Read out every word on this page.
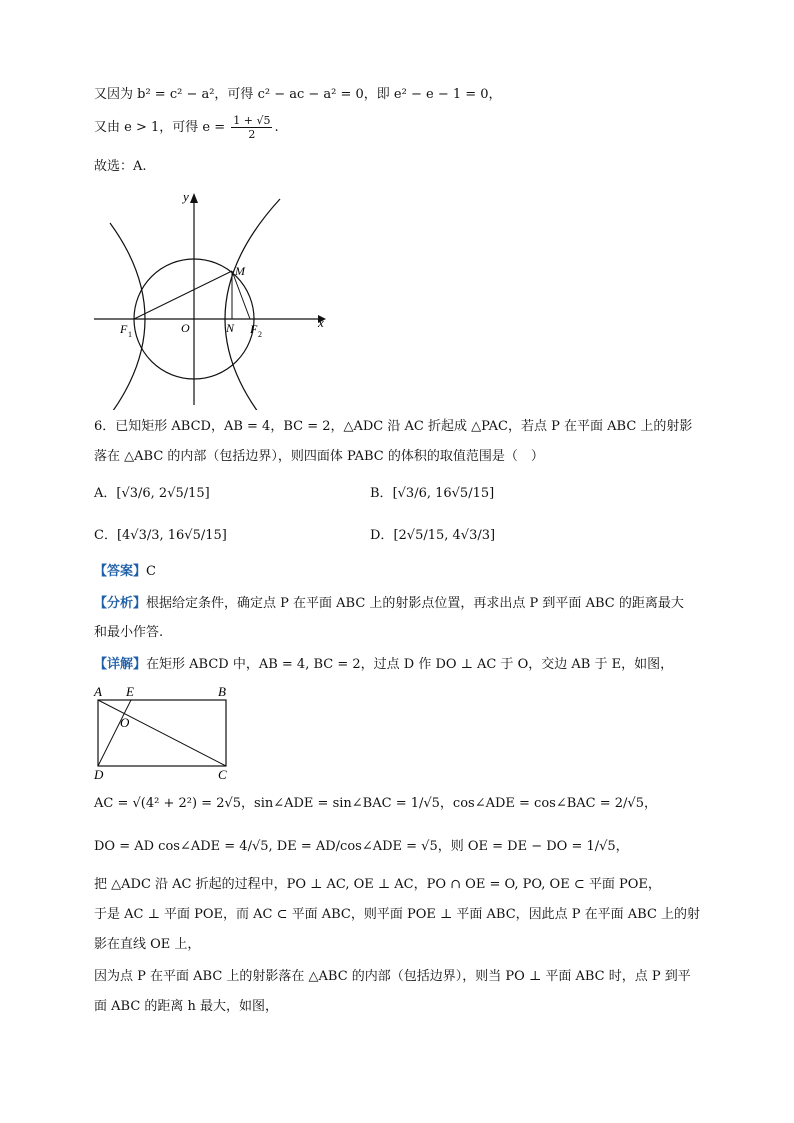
又因为 b² = c² − a²，可得 c² − ac − a² = 0，即 e² − e − 1 = 0，
又由 e > 1，可得 $e = \frac{1 + √5}{2}$ .
故选：A.
y
x
M
F 1	O	N F 2
6．已知矩形 ABCD，AB = 4，BC = 2，△ADC 沿 AC 折起成 △PAC，若点 P 在平面 ABC 上的射影
落在 △ABC 的内部（包括边界），则四面体 PABC 的体积的取值范围是（　）
A．[√3/6, 2√5/15]	B．[√3/6, 16√5/15]
C．[4√3/3, 16√5/15]	D．[2√5/15, 4√3/3]
【答案】C
【分析】根据给定条件，确定点 P 在平面 ABC 上的射影点位置，再求出点 P 到平面 ABC 的距离最大
和最小作答.
【详解】在矩形 ABCD 中，AB = 4, BC = 2，过点 D 作 DO ⊥ AC 于 O，交边 AB 于 E，如图，
A E	B
O
D	C
AC = √(4² + 2²) = 2√5，sin∠ADE = sin∠BAC = 1/√5，cos∠ADE = cos∠BAC = 2/√5，
DO = AD cos∠ADE = 4/√5, DE = AD/cos∠ADE = √5，则 OE = DE − DO = 1/√5，
把 △ADC 沿 AC 折起的过程中，PO ⊥ AC, OE ⊥ AC，PO ∩ OE = O, PO, OE ⊂ 平面 POE，
于是 AC ⊥ 平面 POE，而 AC ⊂ 平面 ABC，则平面 POE ⊥ 平面 ABC，因此点 P 在平面 ABC 上的射
影在直线 OE 上，
因为点 P 在平面 ABC 上的射影落在 △ABC 的内部（包括边界），则当 PO ⊥ 平面 ABC 时，点 P 到平
面 ABC 的距离 h 最大，如图，
